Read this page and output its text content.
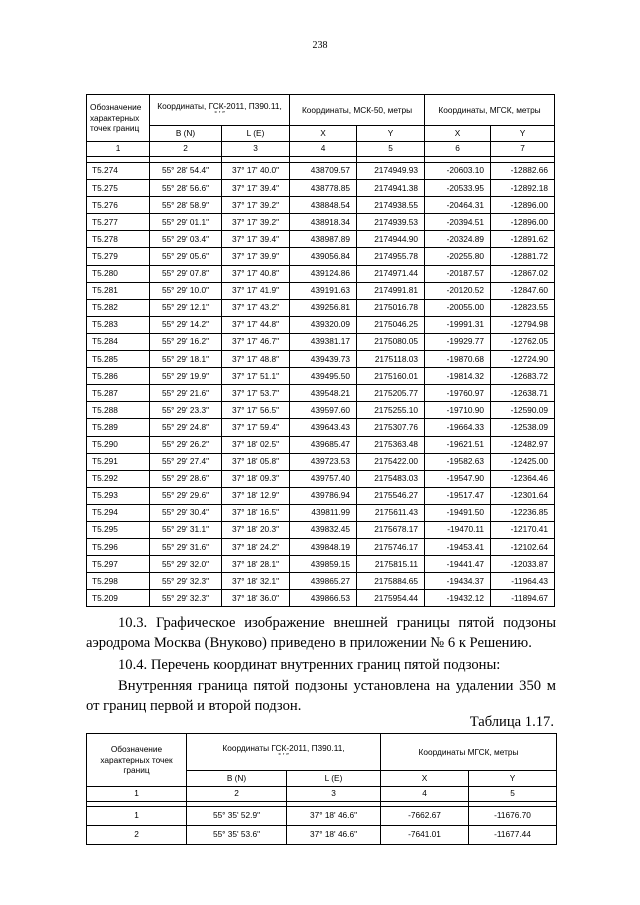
238
Обозначение характерных точек границ	Координаты, ГСК-2011, П390.11,
° ′ ″		Координаты, МСК-50, метры		Координаты, МГСК, метры	
	B (N)	L (E)	X	Y	X	Y
1	2	3	4	5	6	7

Т5.274	55° 28' 54.4"	37° 17' 40.0"	438709.57	2174949.93	-20603.10	-12882.66
Т5.275	55° 28' 56.6"	37° 17' 39.4"	438778.85	2174941.38	-20533.95	-12892.18
Т5.276	55° 28' 58.9"	37° 17' 39.2"	438848.54	2174938.55	-20464.31	-12896.00
Т5.277	55° 29' 01.1"	37° 17' 39.2"	438918.34	2174939.53	-20394.51	-12896.00
Т5.278	55° 29' 03.4"	37° 17' 39.4"	438987.89	2174944.90	-20324.89	-12891.62
Т5.279	55° 29' 05.6"	37° 17' 39.9"	439056.84	2174955.78	-20255.80	-12881.72
Т5.280	55° 29' 07.8"	37° 17' 40.8"	439124.86	2174971.44	-20187.57	-12867.02
Т5.281	55° 29' 10.0"	37° 17' 41.9"	439191.63	2174991.81	-20120.52	-12847.60
Т5.282	55° 29' 12.1"	37° 17' 43.2"	439256.81	2175016.78	-20055.00	-12823.55
Т5.283	55° 29' 14.2"	37° 17' 44.8"	439320.09	2175046.25	-19991.31	-12794.98
Т5.284	55° 29' 16.2"	37° 17' 46.7"	439381.17	2175080.05	-19929.77	-12762.05
Т5.285	55° 29' 18.1"	37° 17' 48.8"	439439.73	2175118.03	-19870.68	-12724.90
Т5.286	55° 29' 19.9"	37° 17' 51.1"	439495.50	2175160.01	-19814.32	-12683.72
Т5.287	55° 29' 21.6"	37° 17' 53.7"	439548.21	2175205.77	-19760.97	-12638.71
Т5.288	55° 29' 23.3"	37° 17' 56.5"	439597.60	2175255.10	-19710.90	-12590.09
Т5.289	55° 29' 24.8"	37° 17' 59.4"	439643.43	2175307.76	-19664.33	-12538.09
Т5.290	55° 29' 26.2"	37° 18' 02.5"	439685.47	2175363.48	-19621.51	-12482.97
Т5.291	55° 29' 27.4"	37° 18' 05.8"	439723.53	2175422.00	-19582.63	-12425.00
Т5.292	55° 29' 28.6"	37° 18' 09.3"	439757.40	2175483.03	-19547.90	-12364.46
Т5.293	55° 29' 29.6"	37° 18' 12.9"	439786.94	2175546.27	-19517.47	-12301.64
Т5.294	55° 29' 30.4"	37° 18' 16.5"	439811.99	2175611.43	-19491.50	-12236.85
Т5.295	55° 29' 31.1"	37° 18' 20.3"	439832.45	2175678.17	-19470.11	-12170.41
Т5.296	55° 29' 31.6"	37° 18' 24.2"	439848.19	2175746.17	-19453.41	-12102.64
Т5.297	55° 29' 32.0"	37° 18' 28.1"	439859.15	2175815.11	-19441.47	-12033.87
Т5.298	55° 29' 32.3"	37° 18' 32.1"	439865.27	2175884.65	-19434.37	-11964.43
Т5.209	55° 29' 32.3"	37° 18' 36.0"	439866.53	2175954.44	-19432.12	-11894.67

10.3. Графическое изображение внешней границы пятой подзоны
аэродрома Москва (Внуково) приведено в приложении № 6 к Решению.

10.4. Перечень координат внутренних границ пятой подзоны:

Внутренняя граница пятой подзоны установлена на удалении 350 м от границ первой и второй подзон.

Таблица 1.17.
Обозначение характерных точек границ	Координаты ГСК-2011, П390.11,
° ′ ″		Координаты МГСК, метры	
	B (N)	L (E)	X	Y
1	2	3	4	5

1	55° 35' 52.9"	37° 18' 46.6"	-7662.67	-11676.70
2	55° 35' 53.6"	37° 18' 46.6"	-7641.01	-11677.44
